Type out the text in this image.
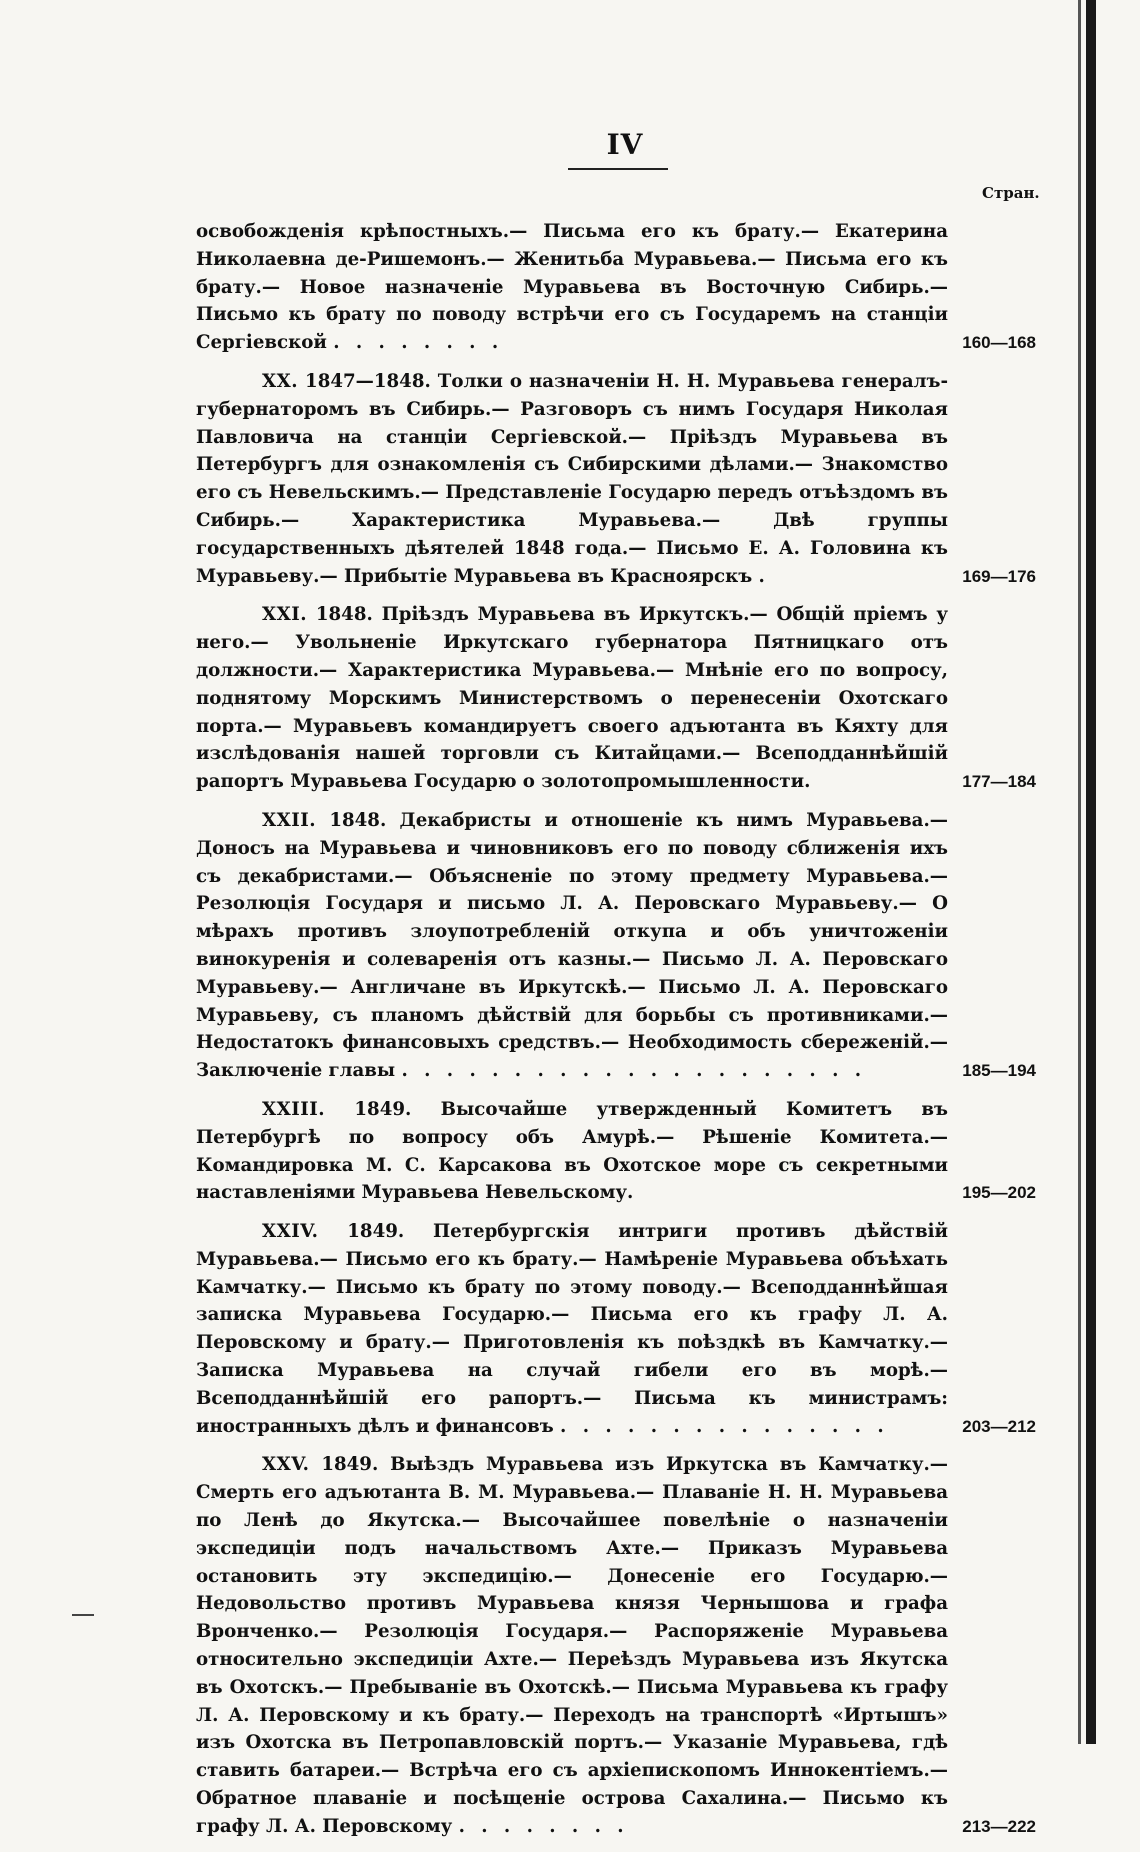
IV
Стран.
освобожденія крѣпостныхъ.— Письма его къ брату.— Екатерина Николаевна де-Ришемонъ.— Женитьба Муравьева.— Письма его къ брату.— Новое назначеніе Муравьева въ Восточную Сибирь.— Письмо къ брату по поводу встрѣчи его съ Государемъ на станціи Сергіевской . . . . . . . .	160—168
XX. 1847—1848. Толки о назначеніи Н. Н. Муравьева генералъ-губернаторомъ въ Сибирь.— Разговоръ съ нимъ Государя Николая Павловича на станціи Сергіевской.— Пріѣздъ Муравьева въ Петербургъ для ознакомленія съ Сибирскими дѣлами.— Знакомство его съ Невельскимъ.— Представленіе Государю передъ отъѣздомъ въ Сибирь.— Характеристика Муравьева.— Двѣ группы государственныхъ дѣятелей 1848 года.— Письмо Е. А. Головина къ Муравьеву.— Прибытіе Муравьева въ Красноярскъ .	169—176
XXI. 1848. Пріѣздъ Муравьева въ Иркутскъ.— Общій пріемъ у него.— Увольненіе Иркутскаго губернатора Пятницкаго отъ должности.— Характеристика Муравьева.— Мнѣніе его по вопросу, поднятому Морскимъ Министерствомъ о перенесеніи Охотскаго порта.— Муравьевъ командируетъ своего адъютанта въ Кяхту для изслѣдованія нашей торговли съ Китайцами.— Всеподданнѣйшій рапортъ Муравьева Государю о золотопромышленности.	177—184
XXII. 1848. Декабристы и отношеніе къ нимъ Муравьева.— Доносъ на Муравьева и чиновниковъ его по поводу сближенія ихъ съ декабристами.— Объясненіе по этому предмету Муравьева.— Резолюція Государя и письмо Л. А. Перовскаго Муравьеву.— О мѣрахъ противъ злоупотребленій откупа и объ уничтоженіи винокуренія и солеваренія отъ казны.— Письмо Л. А. Перовскаго Муравьеву.— Англичане въ Иркутскѣ.— Письмо Л. А. Перовскаго Муравьеву, съ планомъ дѣйствій для борьбы съ противниками.— Недостатокъ финансовыхъ средствъ.— Необходимость сбереженій.— Заключеніе главы . . . . . . . . . . . . . . . . . . . . .	185—194
XXIII. 1849. Высочайше утвержденный Комитетъ въ Петербургѣ по вопросу объ Амурѣ.— Рѣшеніе Комитета.— Командировка М. С. Карсакова въ Охотское море съ секретными наставленіями Муравьева Невельскому.	195—202
XXIV. 1849. Петербургскія интриги противъ дѣйствій Муравьева.— Письмо его къ брату.— Намѣреніе Муравьева объѣхать Камчатку.— Письмо къ брату по этому поводу.— Всеподданнѣйшая записка Муравьева Государю.— Письма его къ графу Л. А. Перовскому и брату.— Приготовленія къ поѣздкѣ въ Камчатку.— Записка Муравьева на случай гибели его въ морѣ.— Всеподданнѣйшій его рапортъ.— Письма къ министрамъ: иностранныхъ дѣлъ и финансовъ . . . . . . . . . . . . . . .	203—212
XXV. 1849. Выѣздъ Муравьева изъ Иркутска въ Камчатку.— Смерть его адъютанта В. М. Муравьева.— Плаваніе Н. Н. Муравьева по Ленѣ до Якутска.— Высочайшее повелѣніе о назначеніи экспедиціи подъ начальствомъ Ахте.— Приказъ Муравьева остановить эту экспедицію.— Донесеніе его Государю.— Недовольство противъ Муравьева князя Чернышова и графа Вронченко.— Резолюція Государя.— Распоряженіе Муравьева относительно экспедиціи Ахте.— Переѣздъ Муравьева изъ Якутска въ Охотскъ.— Пребываніе въ Охотскѣ.— Письма Муравьева къ графу Л. А. Перовскому и къ брату.— Переходъ на транспортѣ «Иртышъ» изъ Охотска въ Петропавловскій портъ.— Указаніе Муравьева, гдѣ ставить батареи.— Встрѣча его съ архіепископомъ Иннокентіемъ.— Обратное плаваніе и посѣщеніе острова Сахалина.— Письмо къ графу Л. А. Перовскому . . . . . . . .	213—222
